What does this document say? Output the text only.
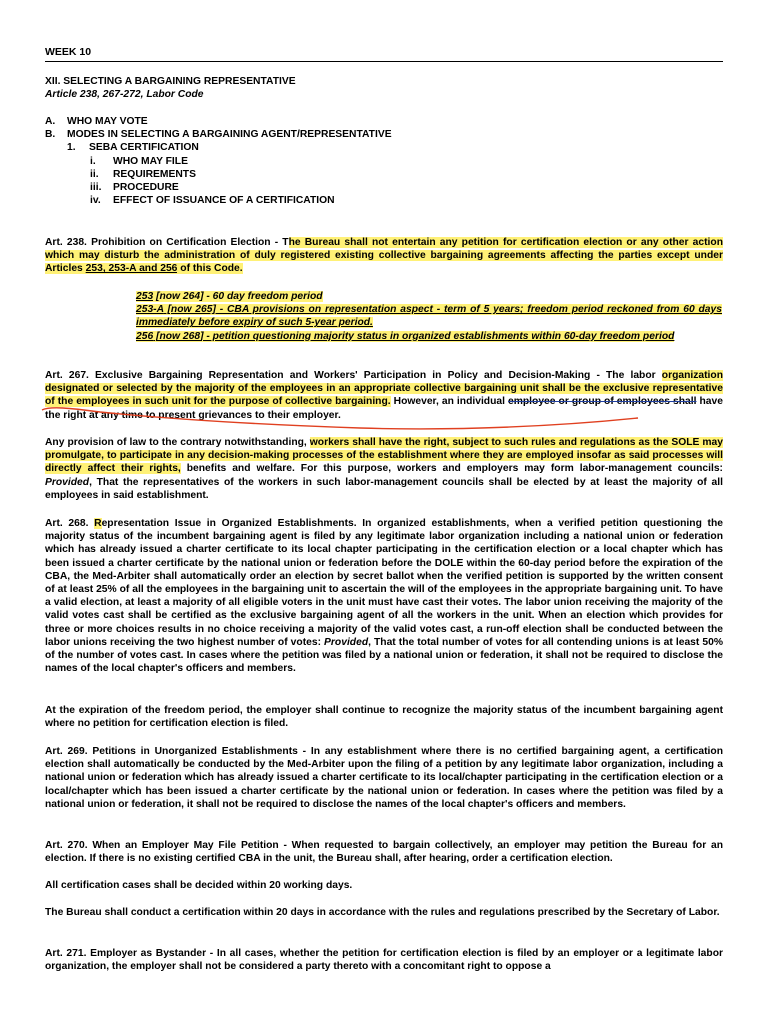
WEEK 10
XII. SELECTING A BARGAINING REPRESENTATIVE
Article 238, 267-272, Labor Code
A. WHO MAY VOTE
B. MODES IN SELECTING A BARGAINING AGENT/REPRESENTATIVE
1. SEBA CERTIFICATION
i. WHO MAY FILE
ii. REQUIREMENTS
iii. PROCEDURE
iv. EFFECT OF ISSUANCE OF A CERTIFICATION
Art. 238. Prohibition on Certification Election - The Bureau shall not entertain any petition for certification election or any other action which may disturb the administration of duly registered existing collective bargaining agreements affecting the parties except under Articles 253, 253-A and 256 of this Code.
253 [now 264] - 60 day freedom period
253-A [now 265] - CBA provisions on representation aspect - term of 5 years; freedom period reckoned from 60 days immediately before expiry of such 5-year period.
256 [now 268] - petition questioning majority status in organized establishments within 60-day freedom period
Art. 267. Exclusive Bargaining Representation and Workers' Participation in Policy and Decision-Making - The labor organization designated or selected by the majority of the employees in an appropriate collective bargaining unit shall be the exclusive representative of the employees in such unit for the purpose of collective bargaining. However, an individual employee or group of employees shall have the right at any time to present grievances to their employer.
Any provision of law to the contrary notwithstanding, workers shall have the right, subject to such rules and regulations as the SOLE may promulgate, to participate in any decision-making processes of the establishment where they are employed insofar as said processes will directly affect their rights, benefits and welfare. For this purpose, workers and employers may form labor-management councils: Provided, That the representatives of the workers in such labor-management councils shall be elected by at least the majority of all employees in said establishment.
Art. 268. Representation Issue in Organized Establishments. In organized establishments, when a verified petition questioning the majority status of the incumbent bargaining agent is filed by any legitimate labor organization including a national union or federation which has already issued a charter certificate to its local chapter participating in the certification election or a local chapter which has been issued a charter certificate by the national union or federation before the DOLE within the 60-day period before the expiration of the CBA, the Med-Arbiter shall automatically order an election by secret ballot when the verified petition is supported by the written consent of at least 25% of all the employees in the bargaining unit to ascertain the will of the employees in the appropriate bargaining unit. To have a valid election, at least a majority of all eligible voters in the unit must have cast their votes. The labor union receiving the majority of the valid votes cast shall be certified as the exclusive bargaining agent of all the workers in the unit. When an election which provides for three or more choices results in no choice receiving a majority of the valid votes cast, a run-off election shall be conducted between the labor unions receiving the two highest number of votes: Provided, That the total number of votes for all contending unions is at least 50% of the number of votes cast. In cases where the petition was filed by a national union or federation, it shall not be required to disclose the names of the local chapter's officers and members.
At the expiration of the freedom period, the employer shall continue to recognize the majority status of the incumbent bargaining agent where no petition for certification election is filed.
Art. 269. Petitions in Unorganized Establishments - In any establishment where there is no certified bargaining agent, a certification election shall automatically be conducted by the Med-Arbiter upon the filing of a petition by any legitimate labor organization, including a national union or federation which has already issued a charter certificate to its local/chapter participating in the certification election or a local/chapter which has been issued a charter certificate by the national union or federation. In cases where the petition was filed by a national union or federation, it shall not be required to disclose the names of the local chapter's officers and members.
Art. 270. When an Employer May File Petition - When requested to bargain collectively, an employer may petition the Bureau for an election. If there is no existing certified CBA in the unit, the Bureau shall, after hearing, order a certification election.
All certification cases shall be decided within 20 working days.
The Bureau shall conduct a certification within 20 days in accordance with the rules and regulations prescribed by the Secretary of Labor.
Art. 271. Employer as Bystander - In all cases, whether the petition for certification election is filed by an employer or a legitimate labor organization, the employer shall not be considered a party thereto with a concomitant right to oppose a
